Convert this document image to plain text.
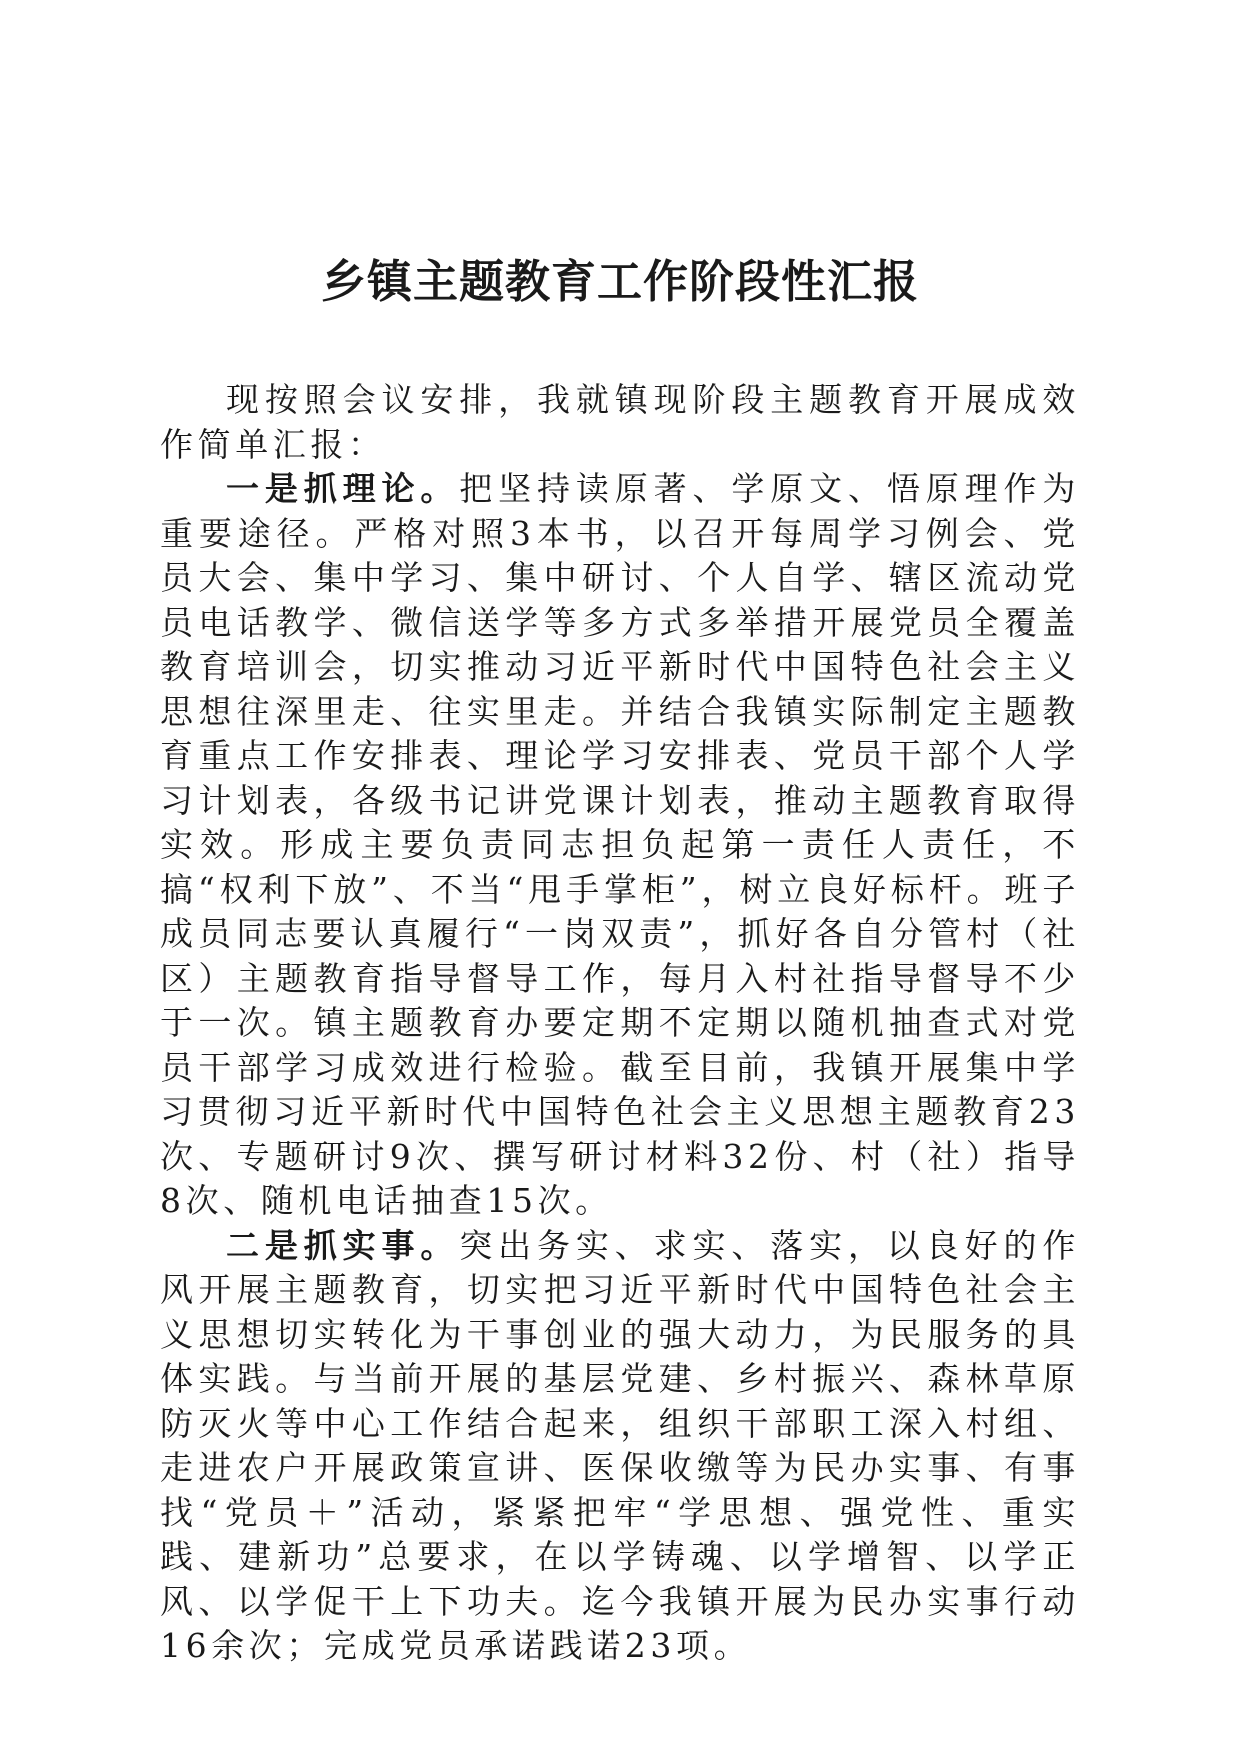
乡镇主题教育工作阶段性汇报

现按照会议安排，我就镇现阶段主题教育开展成效作简单汇报：

一是抓理论。把坚持读原著、学原文、悟原理作为重要途径。严格对照3本书，以召开每周学习例会、党员大会、集中学习、集中研讨、个人自学、辖区流动党员电话教学、微信送学等多方式多举措开展党员全覆盖教育培训会，切实推动习近平新时代中国特色社会主义思想往深里走、往实里走。并结合我镇实际制定主题教育重点工作安排表、理论学习安排表、党员干部个人学习计划表，各级书记讲党课计划表，推动主题教育取得实效。形成主要负责同志担负起第一责任人责任，不搞“权利下放”、不当“甩手掌柜”，树立良好标杆。班子成员同志要认真履行“一岗双责”，抓好各自分管村（社区）主题教育指导督导工作，每月入村社指导督导不少于一次。镇主题教育办要定期不定期以随机抽查式对党员干部学习成效进行检验。截至目前，我镇开展集中学习贯彻习近平新时代中国特色社会主义思想主题教育23次、专题研讨9次、撰写研讨材料32份、村（社）指导8次、随机电话抽查15次。

二是抓实事。突出务实、求实、落实，以良好的作风开展主题教育，切实把习近平新时代中国特色社会主义思想切实转化为干事创业的强大动力，为民服务的具体实践。与当前开展的基层党建、乡村振兴、森林草原防灭火等中心工作结合起来，组织干部职工深入村组、走进农户开展政策宣讲、医保收缴等为民办实事、有事找“党员＋”活动，紧紧把牢“学思想、强党性、重实践、建新功”总要求，在以学铸魂、以学增智、以学正风、以学促干上下功夫。迄今我镇开展为民办实事行动16余次；完成党员承诺践诺23项。
